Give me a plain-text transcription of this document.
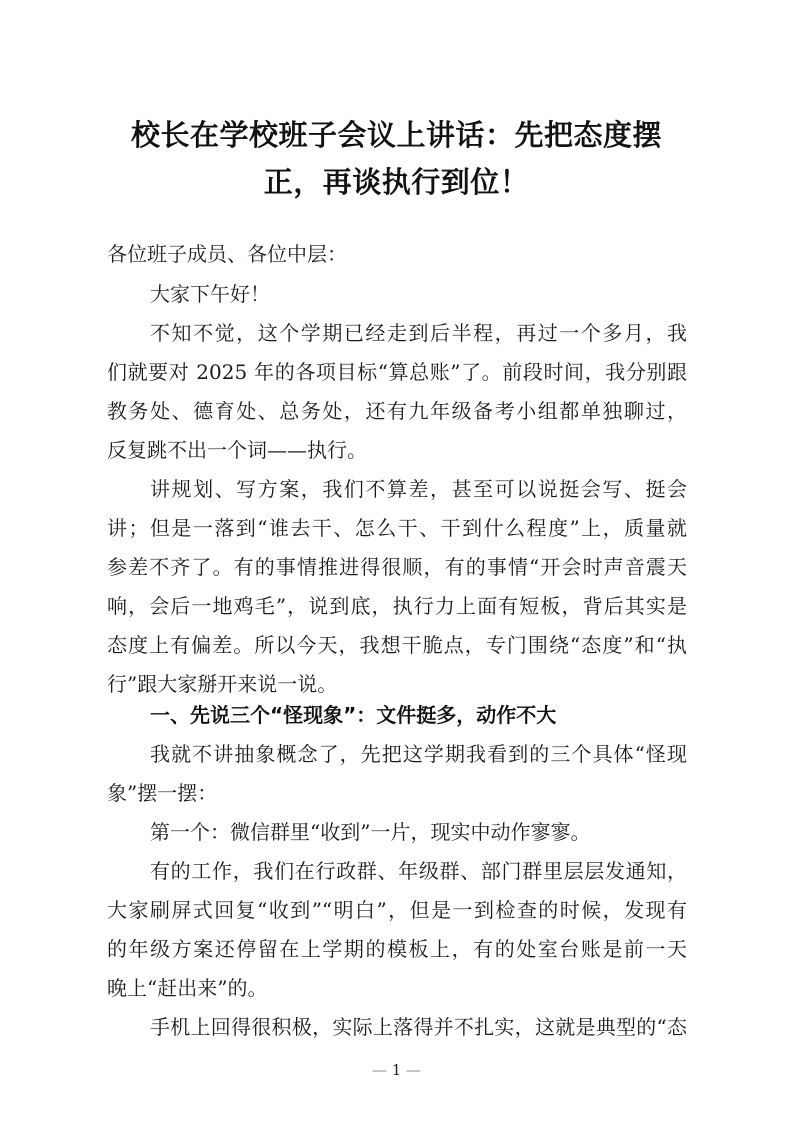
校长在学校班子会议上讲话：先把态度摆
正，再谈执行到位！
各位班子成员、各位中层：
大家下午好！
不知不觉，这个学期已经走到后半程，再过一个多月，我
们就要对 2025 年的各项目标“算总账”了。前段时间，我分别跟
教务处、德育处、总务处，还有九年级备考小组都单独聊过，
反复跳不出一个词——执行。
讲规划、写方案，我们不算差，甚至可以说挺会写、挺会
讲；但是一落到“谁去干、怎么干、干到什么程度”上，质量就
参差不齐了。有的事情推进得很顺，有的事情“开会时声音震天
响，会后一地鸡毛”，说到底，执行力上面有短板，背后其实是
态度上有偏差。所以今天，我想干脆点，专门围绕“态度”和“执
行”跟大家掰开来说一说。
一、先说三个“怪现象”：文件挺多，动作不大
我就不讲抽象概念了，先把这学期我看到的三个具体“怪现
象”摆一摆：
第一个：微信群里“收到”一片，现实中动作寥寥。
有的工作，我们在行政群、年级群、部门群里层层发通知，
大家刷屏式回复“收到”“明白”，但是一到检查的时候，发现有
的年级方案还停留在上学期的模板上，有的处室台账是前一天
晚上“赶出来”的。
手机上回得很积极，实际上落得并不扎实，这就是典型的“态
— 1 —
